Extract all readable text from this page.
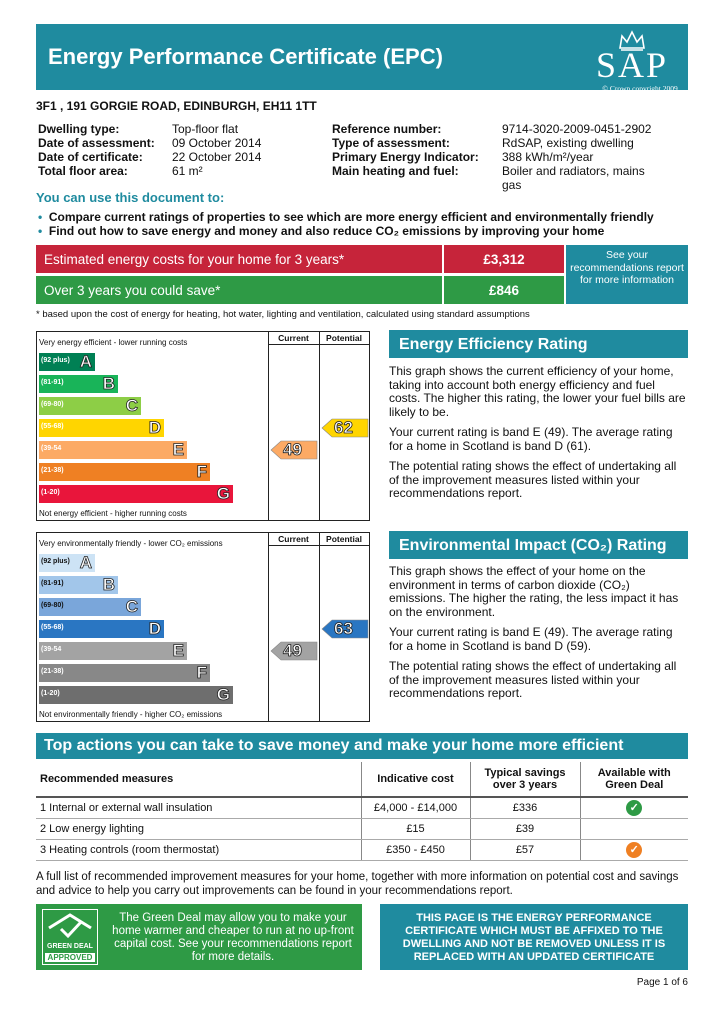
Energy Performance Certificate (EPC)	SAP
© Crown copyright 2009
3F1 , 191 GORGIE ROAD, EDINBURGH, EH11 1TT
Dwelling type:	Top-floor flat
Date of assessment: 09 October 2014
Date of certificate: 22 October 2014
Total floor area:	61 m²
Reference number:	9714-3020-2009-0451-2902
Type of assessment:	RdSAP, existing dwelling
Primary Energy Indicator: 388 kWh/m²/year
Main heating and fuel:	Boiler and radiators, mains gas
You can use this document to:
• Compare current ratings of properties to see which are more energy efficient and environmentally friendly
• Find out how to save energy and money and also reduce CO₂ emissions by improving your home
Estimated energy costs for your home for 3 years*	£3,312
Over 3 years you could save*	£846
See your recommendations report for more information
* based upon the cost of energy for heating, hot water, lighting and ventilation, calculated using standard assumptions
Current	Potential
Very energy efficient - lower running costs
Not energy efficient - higher running costs
(92 plus) A
(81-91) B
(69-80)	C
(55-68)	D
(39-54	E
(21-38)	F
(1-20)	G
49
62
Current	Potential
Very environmentally friendly - lower CO₂ emissions
Not environmentally friendly - higher CO₂ emissions
(92 plus) A
(81-91) B
(69-80)	C
(55-68)	D
(39-54	E
(21-38)	F
(1-20)	G
49
63
Energy Efficiency Rating

This graph shows the current efficiency of your home, taking into account both energy efficiency and fuel costs. The higher this rating, the lower your fuel bills are likely to be.

Your current rating is band E (49). The average rating for a home in Scotland is band D (61).

The potential rating shows the effect of undertaking all of the improvement measures listed within your recommendations report.

Environmental Impact (CO₂) Rating

This graph shows the effect of your home on the environment in terms of carbon dioxide (CO₂) emissions. The higher the rating, the less impact it has on the environment.

Your current rating is band E (49). The average rating for a home in Scotland is band D (59).

The potential rating shows the effect of undertaking all of the improvement measures listed within your recommendations report.

Top actions you can take to save money and make your home more efficient
Recommended measures	Indicative cost	Typical savings over 3 years	Available with Green Deal
1 Internal or external wall insulation	£4,000 - £14,000	£336	✓
2 Low energy lighting	£15	£39	
3 Heating controls (room thermostat)	£350 - £450	£57	✓
A full list of recommended improvement measures for your home, together with more information on potential cost and savings and advice to help you carry out improvements can be found in your recommendations report.
GREEN DEAL
APPROVED
The Green Deal may allow you to make your home warmer and cheaper to run at no up-front capital cost. See your recommendations report for more details.
THIS PAGE IS THE ENERGY PERFORMANCE CERTIFICATE WHICH MUST BE AFFIXED TO THE DWELLING AND NOT BE REMOVED UNLESS IT IS REPLACED WITH AN UPDATED CERTIFICATE
Page 1 of 6
